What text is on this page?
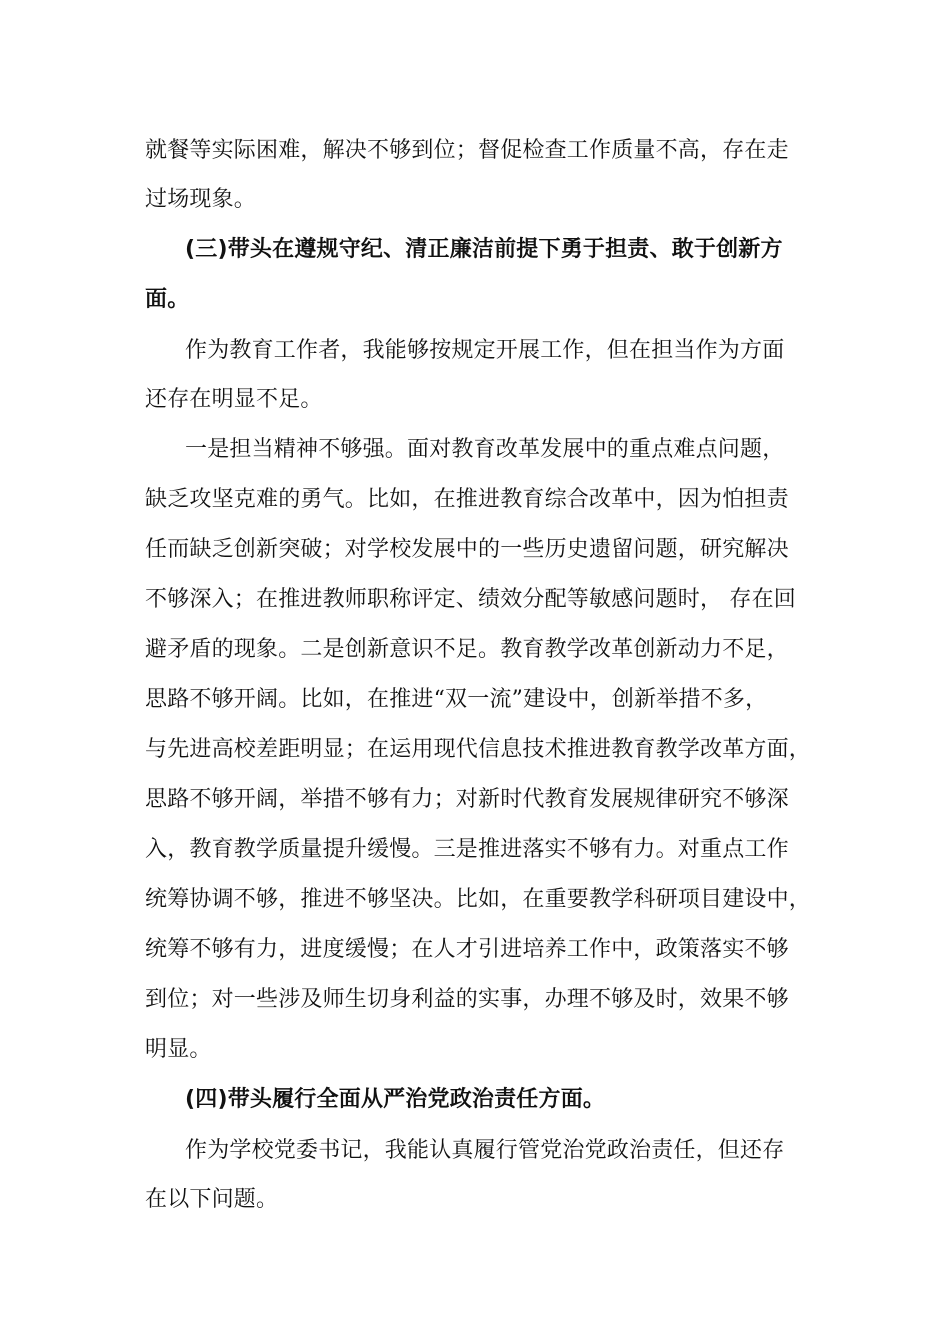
就餐等实际困难，解决不够到位；督促检查工作质量不高，存在走
过场现象。
(三)带头在遵规守纪、清正廉洁前提下勇于担责、敢于创新方
面。
作为教育工作者，我能够按规定开展工作，但在担当作为方面
还存在明显不足。
一是担当精神不够强。面对教育改革发展中的重点难点问题，
缺乏攻坚克难的勇气。比如，在推进教育综合改革中，因为怕担责
任而缺乏创新突破；对学校发展中的一些历史遗留问题，研究解决
不够深入；在推进教师职称评定、绩效分配等敏感问题时， 存在回
避矛盾的现象。二是创新意识不足。教育教学改革创新动力不足，
思路不够开阔。比如，在推进“双一流”建设中，创新举措不多，
与先进高校差距明显；在运用现代信息技术推进教育教学改革方面，
思路不够开阔，举措不够有力；对新时代教育发展规律研究不够深
入，教育教学质量提升缓慢。三是推进落实不够有力。对重点工作
统筹协调不够，推进不够坚决。比如，在重要教学科研项目建设中，
统筹不够有力，进度缓慢；在人才引进培养工作中，政策落实不够
到位；对一些涉及师生切身利益的实事，办理不够及时，效果不够
明显。
(四)带头履行全面从严治党政治责任方面。
作为学校党委书记，我能认真履行管党治党政治责任，但还存
在以下问题。
